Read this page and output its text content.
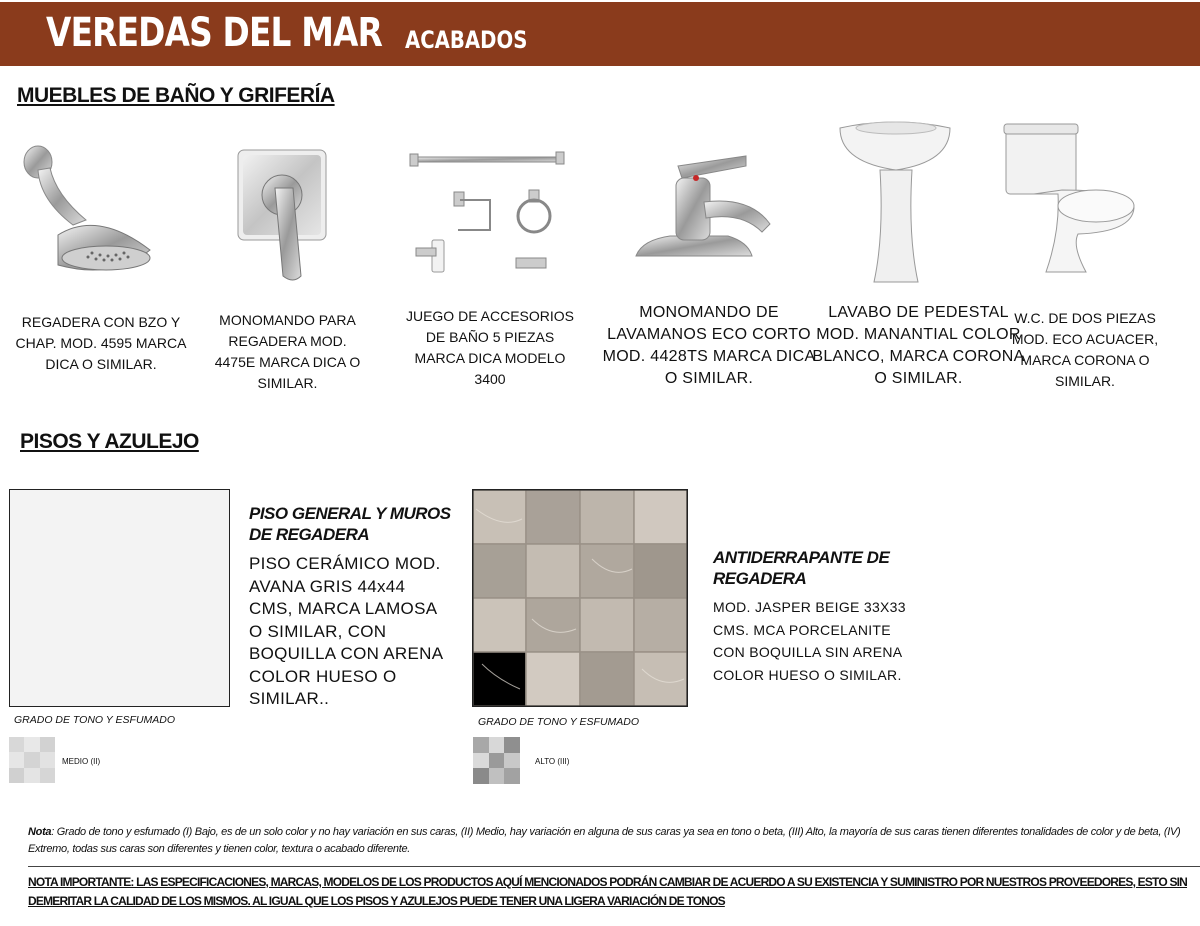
VEREDAS DEL MAR ACABADOS
MUEBLES DE BAÑO Y GRIFERÍA
REGADERA CON BZO Y CHAP. MOD. 4595 MARCA DICA O SIMILAR.
MONOMANDO PARA REGADERA MOD. 4475E MARCA DICA O SIMILAR.
JUEGO DE ACCESORIOS DE BAÑO 5 PIEZAS MARCA DICA MODELO 3400
MONOMANDO DE LAVAMANOS ECO CORTO MOD. 4428TS MARCA DICA O SIMILAR.
LAVABO DE PEDESTAL MOD. MANANTIAL COLOR BLANCO, MARCA CORONA O SIMILAR.
W.C. DE DOS PIEZAS MOD. ECO ACUACER, MARCA CORONA O SIMILAR.
PISOS Y AZULEJO
PISO GENERAL Y MUROS DE REGADERA
PISO CERÁMICO MOD. AVANA GRIS 44x44 CMS, MARCA LAMOSA O SIMILAR, CON BOQUILLA CON ARENA COLOR HUESO O SIMILAR..
GRADO DE TONO Y ESFUMADO
MEDIO (II)
ANTIDERRAPANTE DE REGADERA
MOD. JASPER BEIGE 33X33 CMS. MCA PORCELANITE CON BOQUILLA SIN ARENA COLOR HUESO O SIMILAR.
GRADO DE TONO Y ESFUMADO
ALTO (III)
Nota: Grado de tono y esfumado (I) Bajo, es de un solo color y no hay variación en sus caras, (II) Medio, hay variación en alguna de sus caras ya sea en tono o beta, (III) Alto, la mayoría de sus caras tienen diferentes tonalidades de color y de beta, (IV) Extremo, todas sus caras son diferentes y tienen color, textura o acabado diferente.
NOTA IMPORTANTE: LAS ESPECIFICACIONES, MARCAS, MODELOS DE LOS PRODUCTOS AQUÍ MENCIONADOS PODRÁN CAMBIAR DE ACUERDO A SU EXISTENCIA Y SUMINISTRO POR NUESTROS PROVEEDORES, ESTO SIN DEMERITAR LA CALIDAD DE LOS MISMOS. AL IGUAL QUE LOS PISOS Y AZULEJOS PUEDE TENER UNA LIGERA VARIACIÓN DE TONOS
